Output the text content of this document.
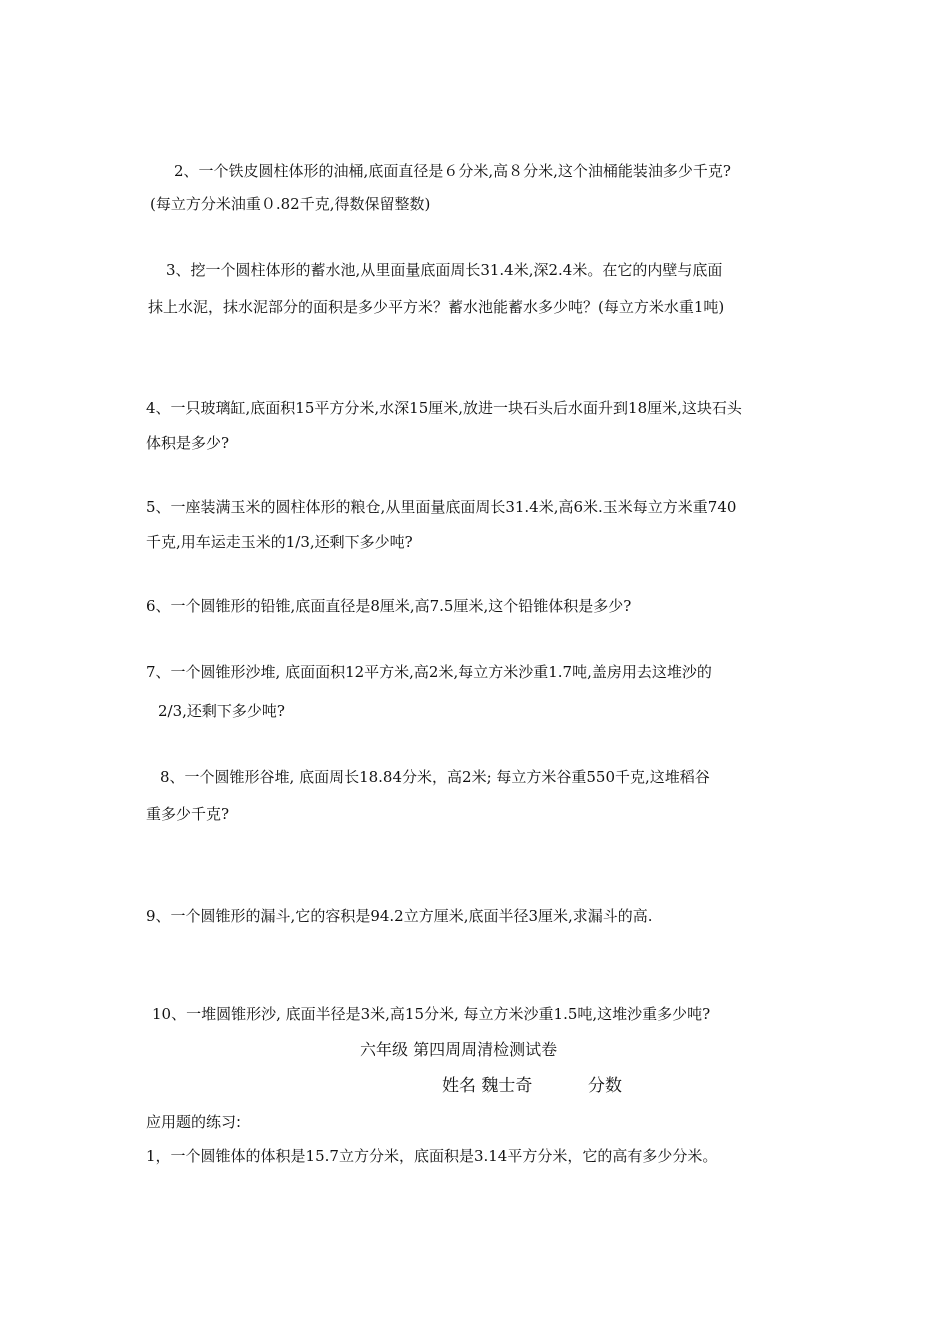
2、一个铁皮圆柱体形的油桶,底面直径是６分米,高８分米,这个油桶能装油多少千克?

(每立方分米油重０.82千克,得数保留整数)

3、挖一个圆柱体形的蓄水池,从里面量底面周长31.4米,深2.4米。在它的内壁与底面

抹上水泥，抹水泥部分的面积是多少平方米？蓄水池能蓄水多少吨？(每立方米水重1吨)

4、一只玻璃缸,底面积15平方分米,水深15厘米,放进一块石头后水面升到18厘米,这块石头

体积是多少?

5、一座装满玉米的圆柱体形的粮仓,从里面量底面周长31.4米,高6米.玉米每立方米重740

千克,用车运走玉米的1/3,还剩下多少吨?

6、一个圆锥形的铅锥,底面直径是8厘米,高7.5厘米,这个铅锥体积是多少?

7、一个圆锥形沙堆, 底面面积12平方米,高2米,每立方米沙重1.7吨,盖房用去这堆沙的

2/3,还剩下多少吨?

8、一个圆锥形谷堆, 底面周长18.84分米，高2米; 每立方米谷重550千克,这堆稻谷

重多少千克?

9、一个圆锥形的漏斗,它的容积是94.2立方厘米,底面半径3厘米,求漏斗的高.

10、一堆圆锥形沙, 底面半径是3米,高15分米, 每立方米沙重1.5吨,这堆沙重多少吨?

六年级 第四周周清检测试卷

姓名 魏士奇	分数

应用题的练习:

1，一个圆锥体的体积是15.7立方分米，底面积是3.14平方分米，它的高有多少分米。
